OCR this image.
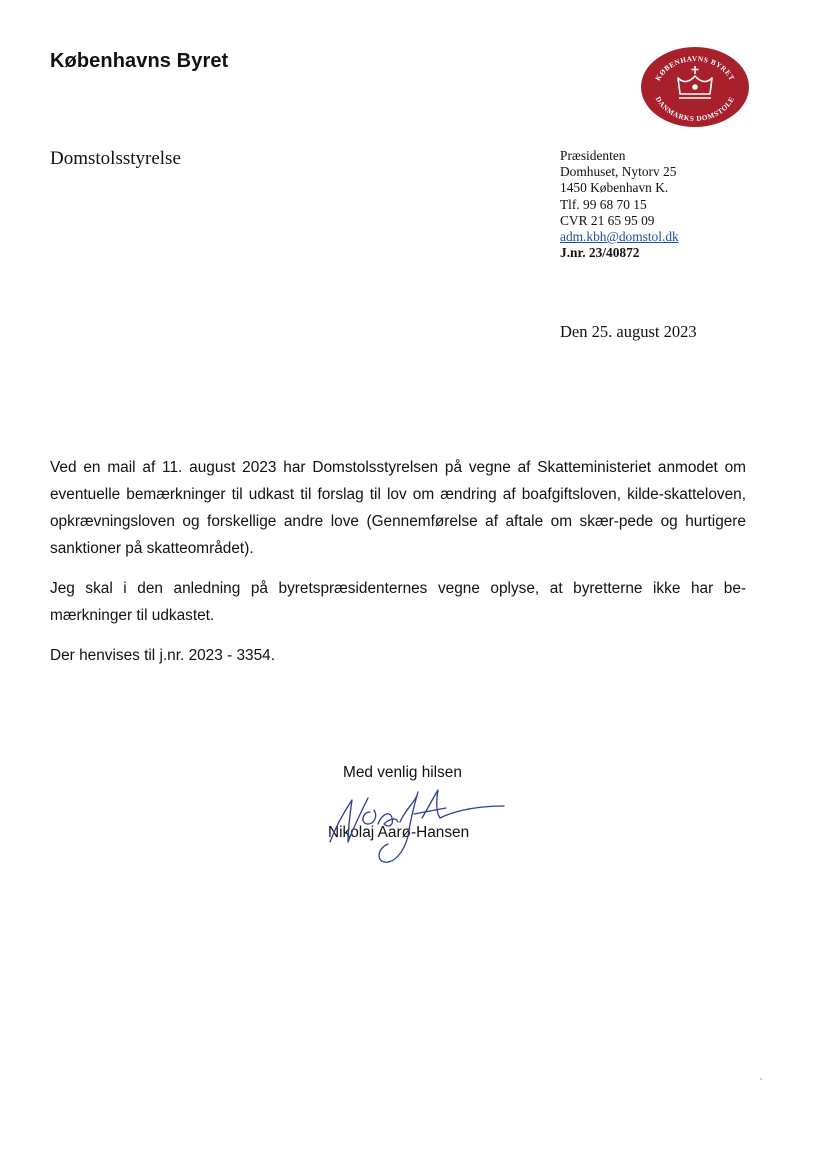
Københavns Byret
Domstolsstyrelse
KØBENHAVNS BYRET
DANMARKS DOMSTOLE
Præsidenten
Domhuset, Nytorv 25
1450 København K.
Tlf. 99 68 70 15
CVR 21 65 95 09
adm.kbh@domstol.dk
J.nr. 23/40872
Den 25. august 2023

Ved en mail af 11. august 2023 har Domstolsstyrelsen på vegne af Skatteministeriet anmodet om eventuelle bemærkninger til udkast til forslag til lov om ændring af boafgiftsloven, kilde-skatteloven, opkrævningsloven og forskellige andre love (Gennemførelse af aftale om skær-pede og hurtigere sanktioner på skatteområdet).

Jeg skal i den anledning på byretspræsidenternes vegne oplyse, at byretterne ikke har be-mærkninger til udkastet.

Der henvises til j.nr. 2023 - 3354.

Med venlig hilsen
Nikolaj Aarø-Hansen
